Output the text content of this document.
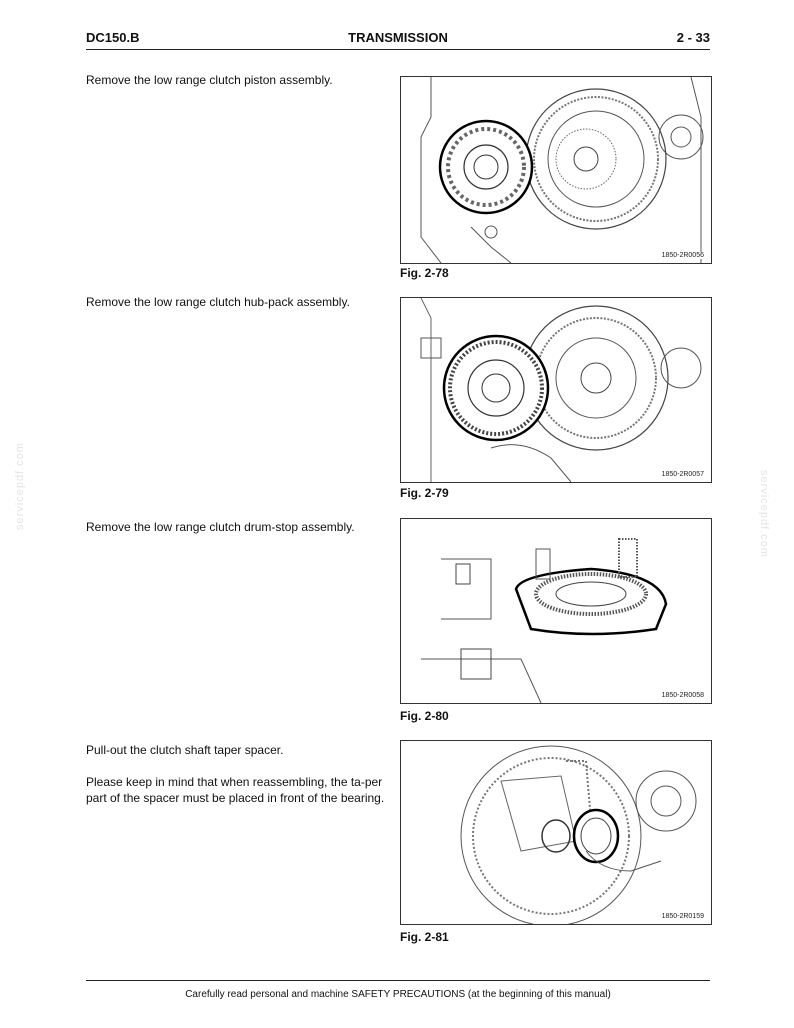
DC150.B	TRANSMISSION	2 - 33
servicepdf.com	servicepdf.com

Remove the low range clutch piston assembly.

1850-2R0056
Fig. 2-78

Remove the low range clutch hub-pack assembly.

1850-2R0057
Fig. 2-79

Remove the low range clutch drum-stop assembly.

1850-2R0058
Fig. 2-80

Pull-out the clutch shaft taper spacer.

Please keep in mind that when reassembling, the ta-per part of the spacer must be placed in front of the bearing.

1850-2R0159
Fig. 2-81
Carefully read personal and machine SAFETY PRECAUTIONS (at the beginning of this manual)
